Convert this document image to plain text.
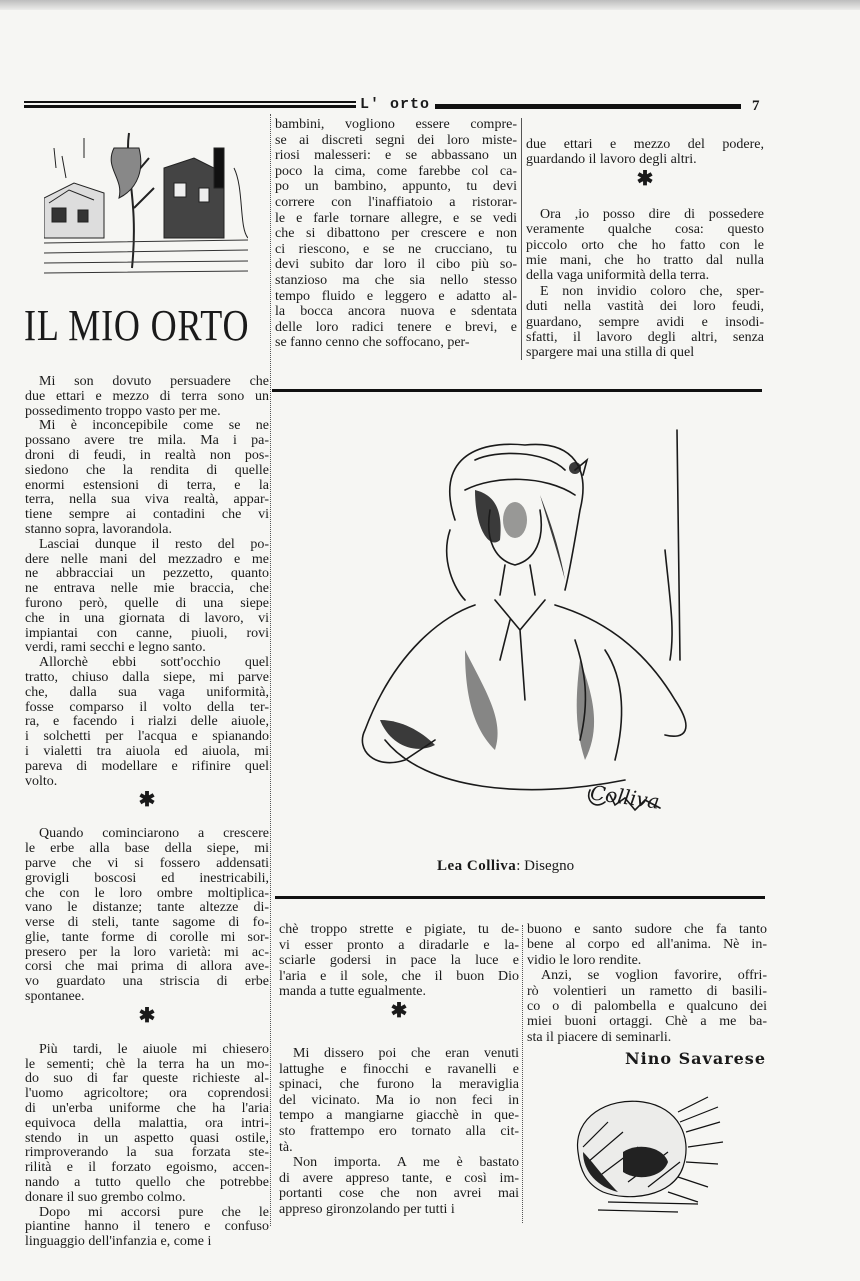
L' orto	7
IL MIO ORTO
Mi son dovuto persuadere che
due ettari e mezzo di terra sono un
possedimento troppo vasto per me.
Mi è inconcepibile come se ne
possano avere tre mila. Ma i pa-
droni di feudi, in realtà non pos-
siedono che la rendita di quelle
enormi estensioni di terra, e la
terra, nella sua viva realtà, appar-
tiene sempre ai contadini che vi
stanno sopra, lavorandola.
Lasciai dunque il resto del po-
dere nelle mani del mezzadro e me
ne abbracciai un pezzetto, quanto
ne entrava nelle mie braccia, che
furono però, quelle di una siepe
che in una giornata di lavoro, vi
impiantai con canne, piuoli, rovi
verdi, rami secchi e legno santo.
Allorchè ebbi sott'occhio quel
tratto, chiuso dalla siepe, mi parve
che, dalla sua vaga uniformità,
fosse comparso il volto della ter-
ra, e facendo i rialzi delle aiuole,
i solchetti per l'acqua e spianando
i vialetti tra aiuola ed aiuola, mi
pareva di modellare e rifinire quel
volto.
✱
Quando cominciarono a crescere
le erbe alla base della siepe, mi
parve che vi si fossero addensati
grovigli boscosi ed inestricabili,
che con le loro ombre moltiplica-
vano le distanze; tante altezze di-
verse di steli, tante sagome di fo-
glie, tante forme di corolle mi sor-
presero per la loro varietà: mi ac-
corsi che mai prima di allora ave-
vo guardato una striscia di erbe
spontanee.
✱
Più tardi, le aiuole mi chiesero
le sementi; chè la terra ha un mo-
do suo di far queste richieste al-
l'uomo agricoltore; ora coprendosi
di un'erba uniforme che ha l'aria
equivoca della malattia, ora intri-
stendo in un aspetto quasi ostile,
rimproverando la sua forzata ste-
rilità e il forzato egoismo, accen-
nando a tutto quello che potrebbe
donare il suo grembo colmo.
Dopo mi accorsi pure che le
piantine hanno il tenero e confuso
linguaggio dell'infanzia e, come i
bambini, vogliono essere compre-
se ai discreti segni dei loro miste-
riosi malesseri: e se abbassano un
poco la cima, come farebbe col ca-
po un bambino, appunto, tu devi
correre con l'inaffiatoio a ristorar-
le e farle tornare allegre, e se vedi
che si dibattono per crescere e non
ci riescono, e se ne crucciano, tu
devi subito dar loro il cibo più so-
stanzioso ma che sia nello stesso
tempo fluido e leggero e adatto al-
la bocca ancora nuova e sdentata
delle loro radici tenere e brevi, e
se fanno cenno che soffocano, per-
due ettari e mezzo del podere,
guardando il lavoro degli altri.
✱
Ora ,io posso dire di possedere
veramente qualche cosa: questo
piccolo orto che ho fatto con le
mie mani, che ho tratto dal nulla
della vaga uniformità della terra.
E non invidio coloro che, sper-
duti nella vastità dei loro feudi,
guardano, sempre avidi e insodi-
sfatti, il lavoro degli altri, senza
spargere mai una stilla di quel
chè troppo strette e pigiate, tu de-
vi esser pronto a diradarle e la-
sciarle godersi in pace la luce e
l'aria e il sole, che il buon Dio
manda a tutte egualmente.
✱
Mi dissero poi che eran venuti
lattughe e finocchi e ravanelli e
spinaci, che furono la meraviglia
del vicinato. Ma io non feci in
tempo a mangiarne giacchè in que-
sto frattempo ero tornato alla cit-
tà.
Non importa. A me è bastato
di avere appreso tante, e così im-
portanti cose che non avrei mai
appreso gironzolando per tutti i
buono e santo sudore che fa tanto
bene al corpo ed all'anima. Nè in-
vidio le loro rendite.
Anzi, se voglion favorire, offri-
rò volentieri un rametto di basili-
co o di palombella e qualcuno dei
miei buoni ortaggi. Chè a me ba-
sta il piacere di seminarli.
Colliva
Lea Colliva: Disegno
Nino Savarese
